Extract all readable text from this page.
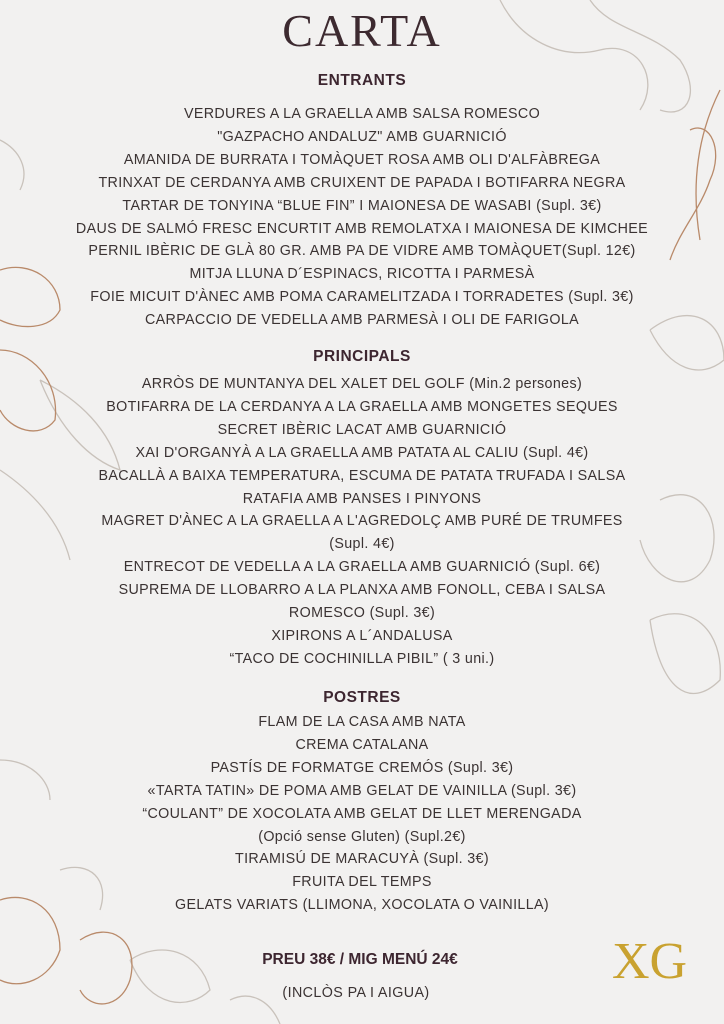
CARTA
ENTRANTS
VERDURES A LA GRAELLA AMB SALSA ROMESCO
"GAZPACHO ANDALUZ" AMB GUARNICIÓ
AMANIDA DE BURRATA I TOMÀQUET ROSA AMB OLI D'ALFÀBREGA
TRINXAT DE CERDANYA AMB CRUIXENT DE PAPADA I BOTIFARRA NEGRA
TARTAR DE TONYINA “BLUE FIN” I MAIONESA DE WASABI (Supl. 3€)
DAUS DE SALMÓ FRESC ENCURTIT AMB REMOLATXA I MAIONESA DE KIMCHEE
PERNIL IBÈRIC DE GLÀ 80 GR. AMB PA DE VIDRE AMB TOMÀQUET(Supl. 12€)
MITJA LLUNA D´ESPINACS, RICOTTA I PARMESÀ
FOIE MICUIT D'ÀNEC AMB POMA CARAMELITZADA I TORRADETES (Supl. 3€)
CARPACCIO DE VEDELLA AMB PARMESÀ I OLI DE FARIGOLA
PRINCIPALS
ARRÒS DE MUNTANYA DEL XALET DEL GOLF (Min.2 persones)
BOTIFARRA DE LA CERDANYA A LA GRAELLA AMB MONGETES SEQUES
SECRET IBÈRIC LACAT AMB GUARNICIÓ
XAI D'ORGANYÀ A LA GRAELLA AMB PATATA AL CALIU (Supl. 4€)
BACALLÀ A BAIXA TEMPERATURA, ESCUMA DE PATATA TRUFADA I SALSA
RATAFIA AMB PANSES I PINYONS
MAGRET D'ÀNEC A LA GRAELLA A L'AGREDOLÇ AMB PURÉ DE TRUMFES
(Supl. 4€)
ENTRECOT DE VEDELLA A LA GRAELLA AMB GUARNICIÓ (Supl. 6€)
SUPREMA DE LLOBARRO A LA PLANXA AMB FONOLL, CEBA I SALSA
ROMESCO (Supl. 3€)
XIPIRONS A L´ANDALUSA
“TACO DE COCHINILLA PIBIL” ( 3 uni.)
POSTRES
FLAM DE LA CASA AMB NATA
CREMA CATALANA
PASTÍS DE FORMATGE CREMÓS (Supl. 3€)
«TARTA TATIN» DE POMA AMB GELAT DE VAINILLA (Supl. 3€)
“COULANT” DE XOCOLATA AMB GELAT DE LLET MERENGADA
(Opció sense Gluten) (Supl.2€)
TIRAMISÚ DE MARACUYÀ (Supl. 3€)
FRUITA DEL TEMPS
GELATS VARIATS (LLIMONA, XOCOLATA O VAINILLA)
PREU 38€ / MIG MENÚ 24€
(INCLÒS PA I AIGUA)
XG
